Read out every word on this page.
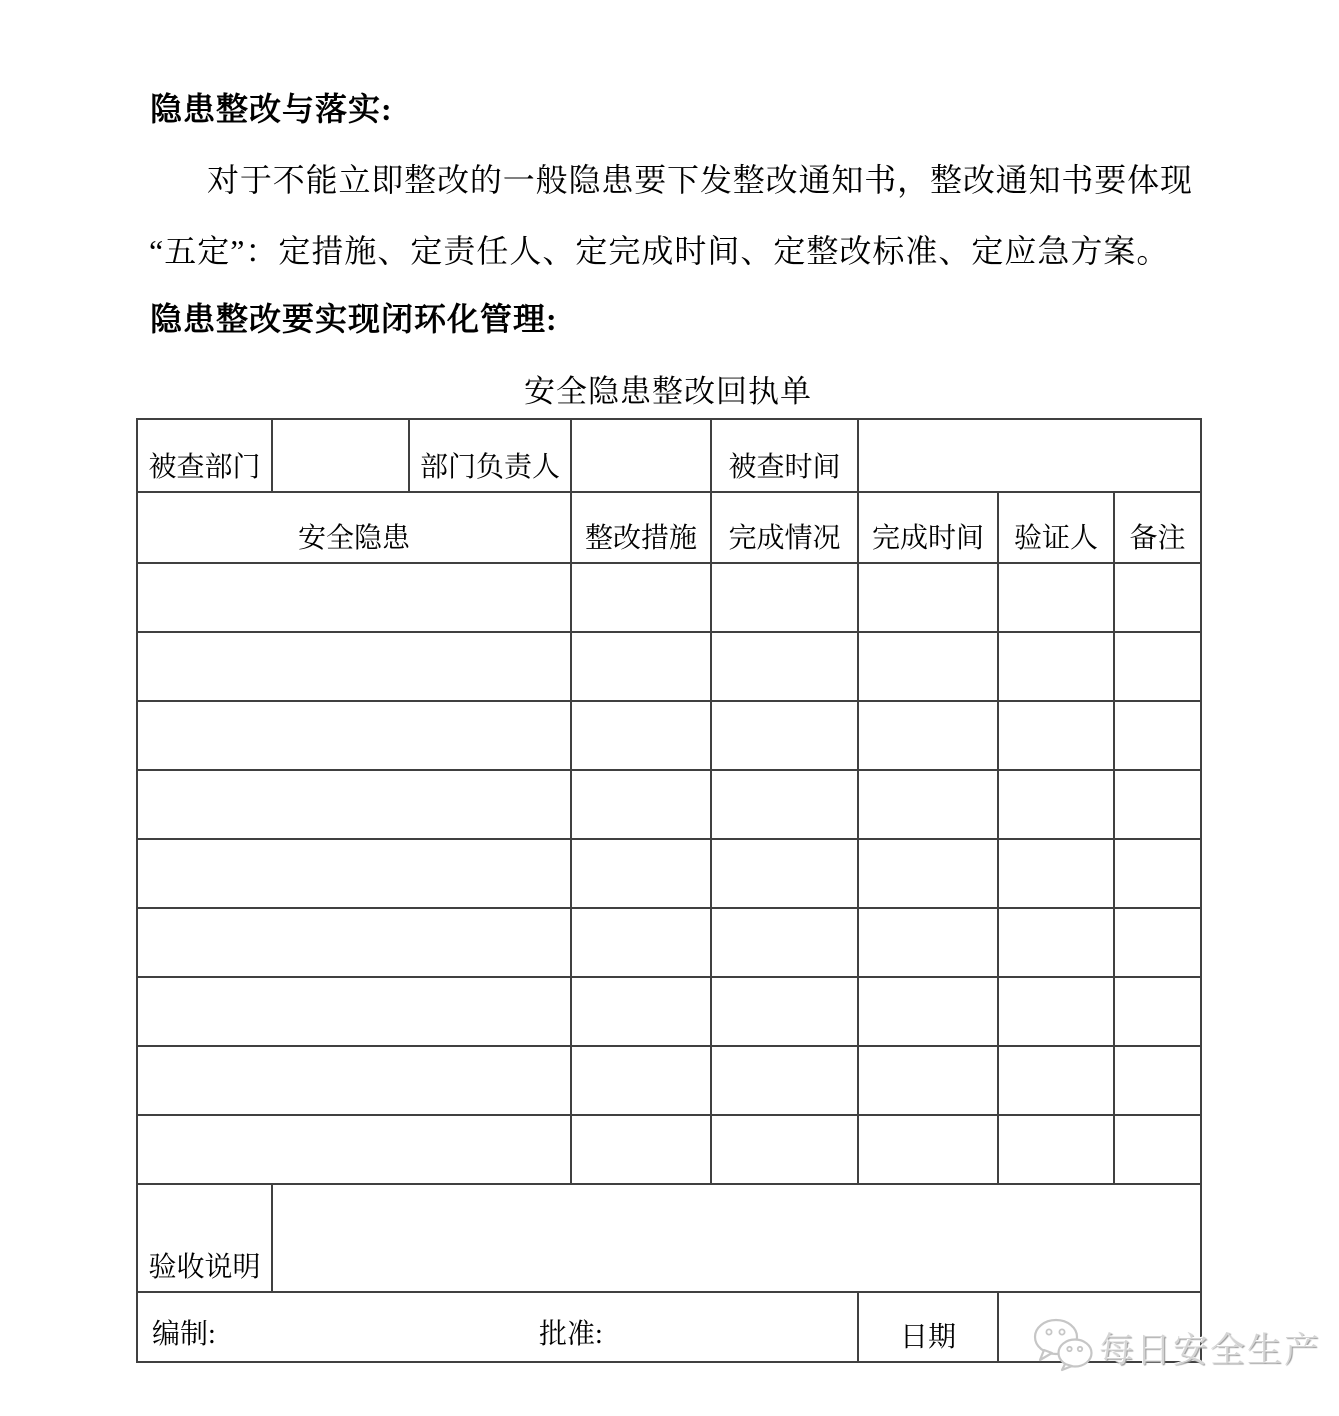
隐患整改与落实:
对于不能立即整改的一般隐患要下发整改通知书，整改通知书要体现
“五定”：定措施、定责任人、定完成时间、定整改标准、定应急方案。
隐患整改要实现闭环化管理:
安全隐患整改回执单
被查部门		部门负责人		被查时间			
安全隐患			整改措施	完成情况	完成时间	验证人	备注

验收说明							

编制: 批准:					日期			每日安全生产
